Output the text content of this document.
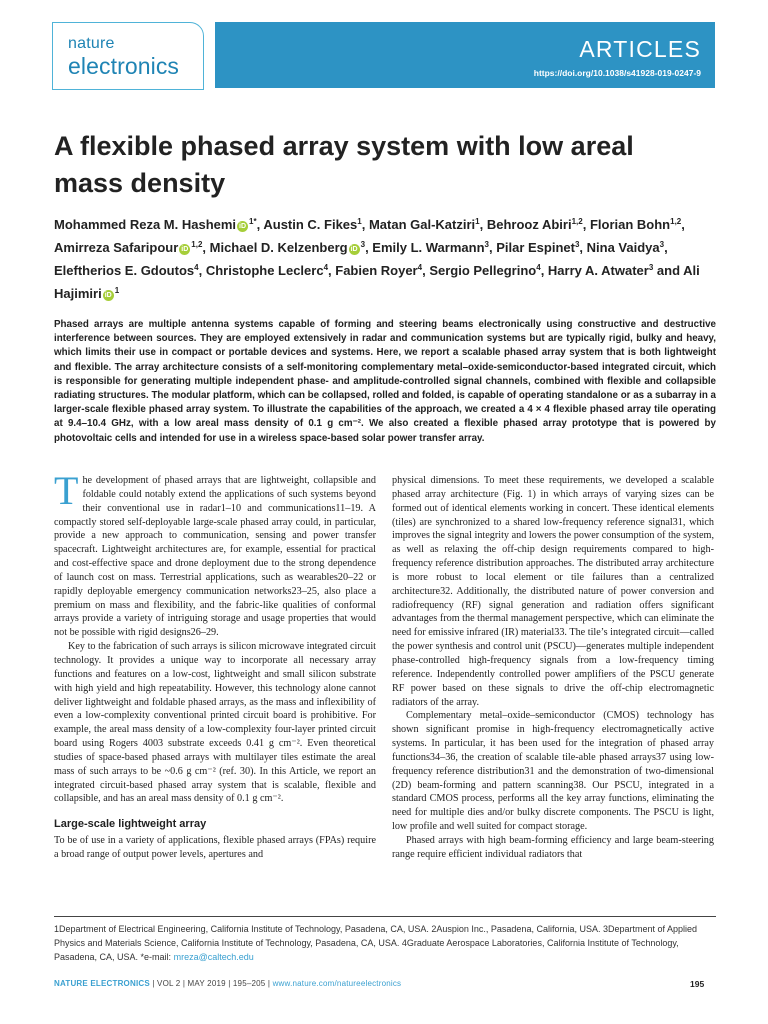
nature
electronics
ARTICLES
https://doi.org/10.1038/s41928-019-0247-9
A flexible phased array system with low areal mass density
Mohammed Reza M. Hashemi $iD^{1*}$, Austin C. Fikes$^1$, Matan Gal-Katziri$^1$, Behrooz Abiri$^{1,2}$, Florian Bohn$^{1,2}$, Amirreza Safaripour iD$^{1,2}$, Michael D. Kelzenberg $iD^3$, Emily L. Warmann$^3$, Pilar Espinet$^3$, Nina Vaidya$^3$, Eleftherios E. Gdoutos$^4$, Christophe Leclerc$^4$, Fabien Royer$^4$, Sergio Pellegrino$^4$, Harry A. Atwater$^3$ and Ali Hajimiri $iD^1$
Phased arrays are multiple antenna systems capable of forming and steering beams electronically using constructive and destructive interference between sources. They are employed extensively in radar and communication systems but are typically rigid, bulky and heavy, which limits their use in compact or portable devices and systems. Here, we report a scalable phased array system that is both lightweight and flexible. The array architecture consists of a self-monitoring complementary metal–oxide-semiconductor-based integrated circuit, which is responsible for generating multiple independent phase- and amplitude-controlled signal channels, combined with flexible and collapsible radiating structures. The modular platform, which can be collapsed, rolled and folded, is capable of operating standalone or as a subarray in a larger-scale flexible phased array system. To illustrate the capabilities of the approach, we created a 4 × 4 flexible phased array tile operating at 9.4–10.4 GHz, with a low areal mass density of 0.1 g cm⁻². We also created a flexible phased array prototype that is powered by photovoltaic cells and intended for use in a wireless space-based solar power transfer array.

The development of phased arrays that are lightweight, collapsible and foldable could notably extend the applications of such systems beyond their conventional use in radar1–10 and communications11–19. A compactly stored self-deployable large-scale phased array could, in particular, provide a new approach to communication, sensing and power transfer spacecraft. Lightweight architectures are, for example, essential for practical and cost-effective space and drone deployment due to the strong dependence of launch cost on mass. Terrestrial applications, such as wearables20–22 or rapidly deployable emergency communication networks23–25, also place a premium on mass and flexibility, and the fabric-like qualities of conformal arrays provide a variety of intriguing storage and usage properties that would not be possible with rigid designs26–29.

Key to the fabrication of such arrays is silicon microwave integrated circuit technology. It provides a unique way to incorporate all necessary array functions and features on a low-cost, lightweight and small silicon substrate with high yield and high repeatability. However, this technology alone cannot deliver lightweight and foldable phased arrays, as the mass and inflexibility of even a low-complexity conventional printed circuit board is prohibitive. For example, the areal mass density of a low-complexity four-layer printed circuit board using Rogers 4003 substrate exceeds 0.41 g cm⁻². Even theoretical studies of space-based phased arrays with multilayer tiles estimate the areal mass of such arrays to be ~0.6 g cm⁻² (ref. 30). In this Article, we report an integrated circuit-based phased array system that is scalable, flexible and collapsible, and has an areal mass density of 0.1 g cm⁻².

Large-scale lightweight array

To be of use in a variety of applications, flexible phased arrays (FPAs) require a broad range of output power levels, apertures and

physical dimensions. To meet these requirements, we developed a scalable phased array architecture (Fig. 1) in which arrays of varying sizes can be formed out of identical elements working in concert. These identical elements (tiles) are synchronized to a shared low-frequency reference signal31, which improves the signal integrity and lowers the power consumption of the system, as well as relaxing the off-chip design requirements compared to high-frequency reference distribution approaches. The distributed array architecture is more robust to local element or tile failures than a centralized architecture32. Additionally, the distributed nature of power conversion and radiofrequency (RF) signal generation and radiation offers significant advantages from the thermal management perspective, which can eliminate the need for emissive infrared (IR) material33. The tile’s integrated circuit—called the power synthesis and control unit (PSCU)—generates multiple independent phase-controlled high-frequency signals from a low-frequency timing reference. Independently controlled power amplifiers of the PSCU generate RF power based on these signals to drive the off-chip electromagnetic radiators of the array.

Complementary metal–oxide–semiconductor (CMOS) technology has shown significant promise in high-frequency electromagnetically active systems. In particular, it has been used for the integration of phased array functions34–36, the creation of scalable tile-able phased arrays37 using low-frequency reference distribution31 and the demonstration of two-dimensional (2D) beam-forming and pattern scanning38. Our PSCU, integrated in a standard CMOS process, performs all the key array functions, eliminating the need for multiple dies and/or bulky discrete components. The PSCU is light, low profile and well suited for compact storage.

Phased arrays with high beam-forming efficiency and large beam-steering range require efficient individual radiators that

1Department of Electrical Engineering, California Institute of Technology, Pasadena, CA, USA. 2Auspion Inc., Pasadena, California, USA. 3Department of Applied Physics and Materials Science, California Institute of Technology, Pasadena, CA, USA. 4Graduate Aerospace Laboratories, California Institute of Technology, Pasadena, CA, USA. *e-mail: mreza@caltech.edu
NATURE ELECTRONICS | VOL 2 | MAY 2019 | 195–205 | www.nature.com/natureelectronics	195
